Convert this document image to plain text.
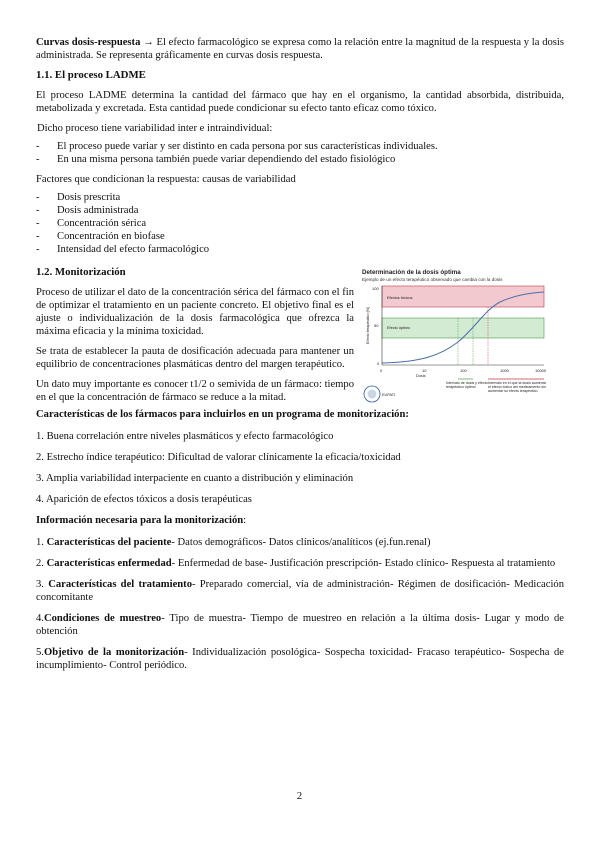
Curvas dosis-respuesta → El efecto farmacológico se expresa como la relación entre la magnitud de la respuesta y la dosis administrada. Se representa gráficamente en curvas dosis respuesta.

1.1. El proceso LADME

El proceso LADME determina la cantidad del fármaco que hay en el organismo, la cantidad absorbida, distribuida, metabolizada y excretada. Esta cantidad puede condicionar su efecto tanto eficaz como tóxico.

Dicho proceso tiene variabilidad inter e intraindividual:

- El proceso puede variar y ser distinto en cada persona por sus características individuales.
- En una misma persona también puede variar dependiendo del estado fisiológico

Factores que condicionan la respuesta: causas de variabilidad

- Dosis prescrita
- Dosis administrada
- Concentración sérica
- Concentración en biofase
- Intensidad del efecto farmacológico
1.2. Monitorización

Proceso de utilizar el dato de la concentración sérica del fármaco con el fin de optimizar el tratamiento en un paciente concreto. El objetivo final es el ajuste o individualización de la dosis farmacológica que ofrezca la máxima eficacia y la mínima toxicidad.

Se trata de establecer la pauta de dosificación adecuada para mantener un equilibrio de concentraciones plasmáticas dentro del margen terapéutico.

Un dato muy importante es conocer t1/2 o semivida de un fármaco: tiempo en el que la concentración de fármaco se reduce a la mitad.

Determinación de la dosis óptima
Ejemplo de un efecto terapéutico observado que cambia con la dosis
Efectos tóxicos
Efecto óptimo
100
50
0
Efecto terapéutico [%]
0	10	100	1000	10000
Dosis
Intervalo de dosis y efecto terapéutico óptimo
Intervalo en el que la dosis aumenta el efecto tóxico del medicamento sin aumentar su efecto terapéutico
EUPATI

Características de los fármacos para incluirlos en un programa de monitorización:

1. Buena correlación entre niveles plasmáticos y efecto farmacológico

2. Estrecho índice terapéutico: Dificultad de valorar clínicamente la eficacia/toxicidad

3. Amplia variabilidad interpaciente en cuanto a distribución y eliminación

4. Aparición de efectos tóxicos a dosis terapéuticas

Información necesaria para la monitorización:

1. Características del paciente- Datos demográficos- Datos clínicos/analíticos (ej.fun.renal)

2. Características enfermedad- Enfermedad de base- Justificación prescripción- Estado clínico- Respuesta al tratamiento

3. Características del tratamiento- Preparado comercial, vía de administración- Régimen de dosificación- Medicación concomitante

4.Condiciones de muestreo- Tipo de muestra- Tiempo de muestreo en relación a la última dosis- Lugar y modo de obtención

5.Objetivo de la monitorización- Individualización posológica- Sospecha toxicidad- Fracaso terapéutico- Sospecha de incumplimiento- Control periódico.

2
